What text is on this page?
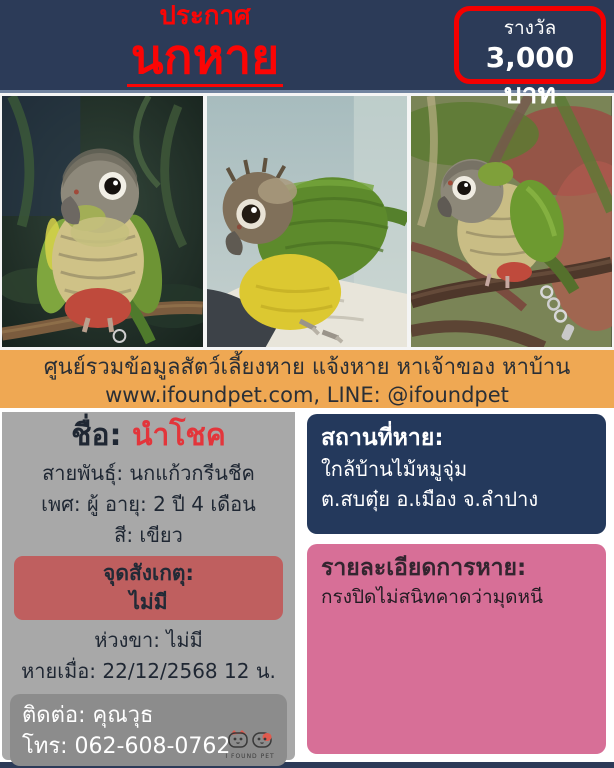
ประกาศ
นกหาย
รางวัล
3,000 บาท
ศูนย์รวมข้อมูลสัตว์เลี้ยงหาย แจ้งหาย หาเจ้าของ หาบ้าน
www.ifoundpet.com, LINE: @ifoundpet
ชื่อ: นำโชค
สายพันธุ์: นกแก้วกรีนชีค
เพศ: ผู้ อายุ: 2 ปี 4 เดือน
สี: เขียว
จุดสังเกตุ:
ไม่มี
ห่วงขา: ไม่มี
หายเมื่อ: 22/12/2568 12 น.
ติดต่อ: คุณวุธ
โทร: 062-608-0762
I FOUND PET
สถานที่หาย:
ใกล้บ้านไม้หมูจุ่ม
ต.สบตุ๋ย อ.เมือง จ.ลำปาง
รายละเอียดการหาย:
กรงปิดไม่สนิทคาดว่ามุดหนี
